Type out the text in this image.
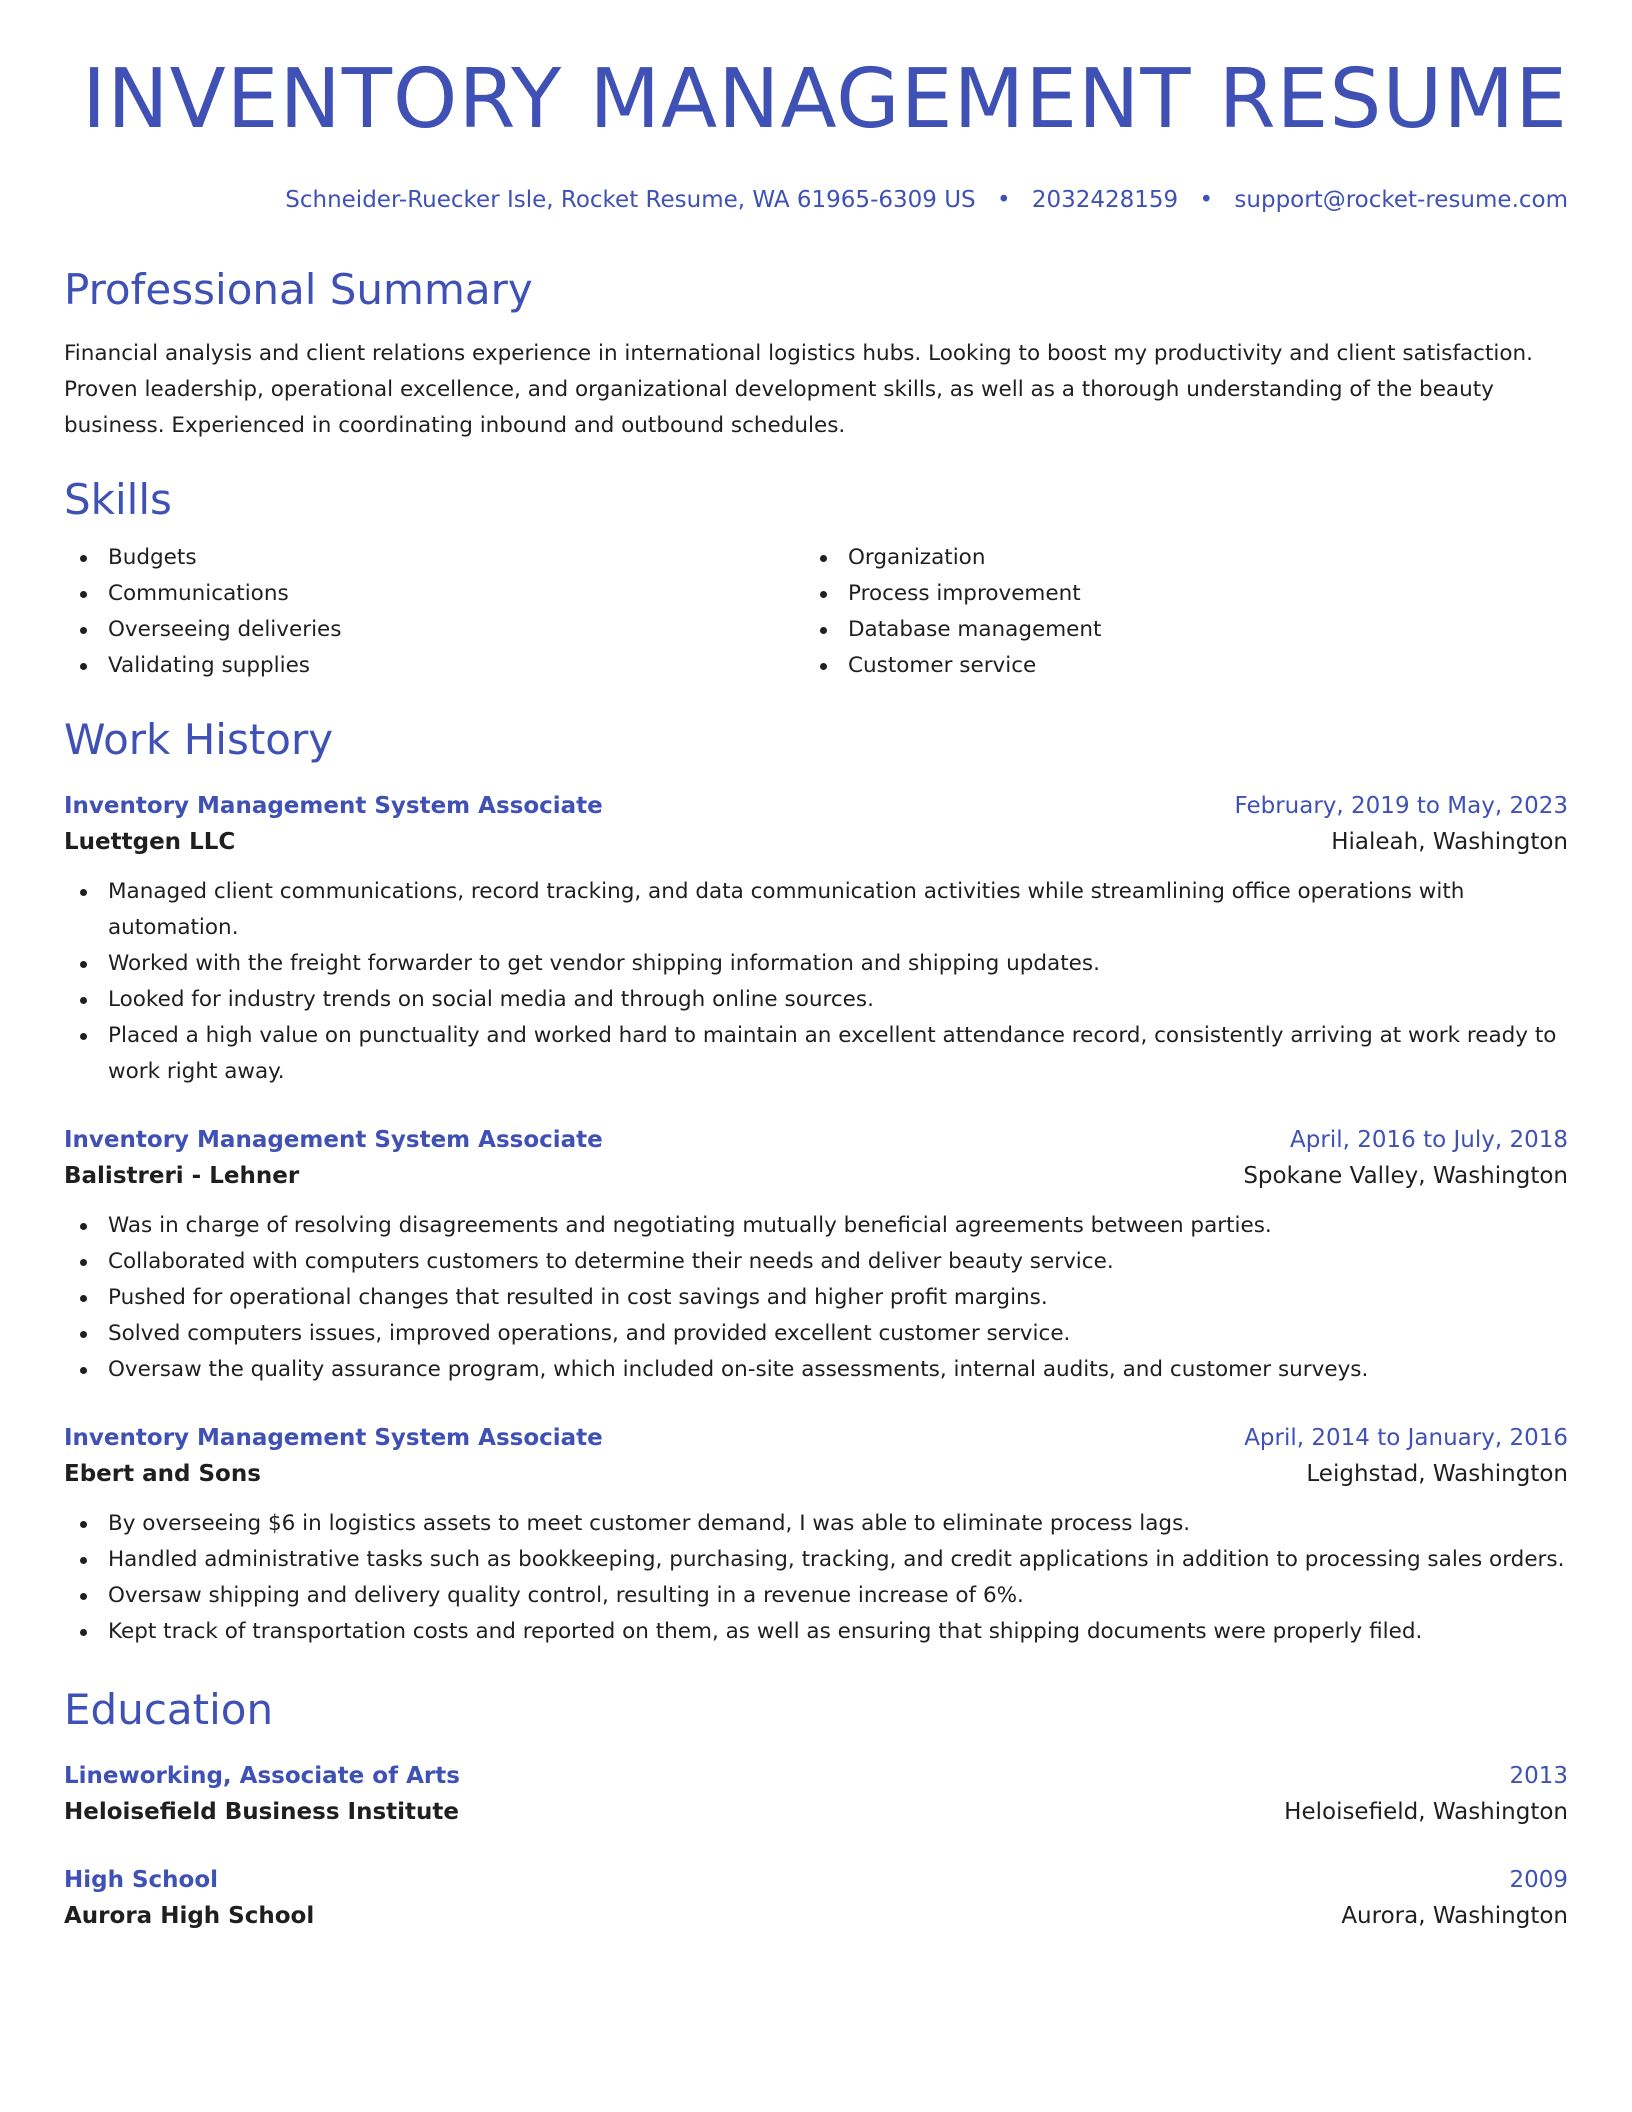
INVENTORY MANAGEMENT RESUME
Schneider-Ruecker Isle, Rocket Resume, WA 61965-6309 US • 2032428159 • support@rocket-resume.com
Professional Summary

Financial analysis and client relations experience in international logistics hubs. Looking to boost my productivity and client satisfaction. Proven leadership, operational excellence, and organizational development skills, as well as a thorough understanding of the beauty business. Experienced in coordinating inbound and outbound schedules.

Skills
Budgets
Communications
Overseeing deliveries
Validating supplies
Organization
Process improvement
Database management
Customer service
Work History
Inventory Management System Associate	February, 2019 to May, 2023
Luettgen LLC	Hialeah, Washington
Managed client communications, record tracking, and data communication activities while streamlining office operations with automation.
Worked with the freight forwarder to get vendor shipping information and shipping updates.
Looked for industry trends on social media and through online sources.
Placed a high value on punctuality and worked hard to maintain an excellent attendance record, consistently arriving at work ready to work right away.
Inventory Management System Associate	April, 2016 to July, 2018
Balistreri - Lehner	Spokane Valley, Washington
Was in charge of resolving disagreements and negotiating mutually beneficial agreements between parties.
Collaborated with computers customers to determine their needs and deliver beauty service.
Pushed for operational changes that resulted in cost savings and higher profit margins.
Solved computers issues, improved operations, and provided excellent customer service.
Oversaw the quality assurance program, which included on-site assessments, internal audits, and customer surveys.
Inventory Management System Associate	April, 2014 to January, 2016
Ebert and Sons	Leighstad, Washington
By overseeing $6 in logistics assets to meet customer demand, I was able to eliminate process lags.
Handled administrative tasks such as bookkeeping, purchasing, tracking, and credit applications in addition to processing sales orders.
Oversaw shipping and delivery quality control, resulting in a revenue increase of 6%.
Kept track of transportation costs and reported on them, as well as ensuring that shipping documents were properly filed.
Education
Lineworking, Associate of Arts	2013
Heloisefield Business Institute	Heloisefield, Washington
High School	2009
Aurora High School	Aurora, Washington
